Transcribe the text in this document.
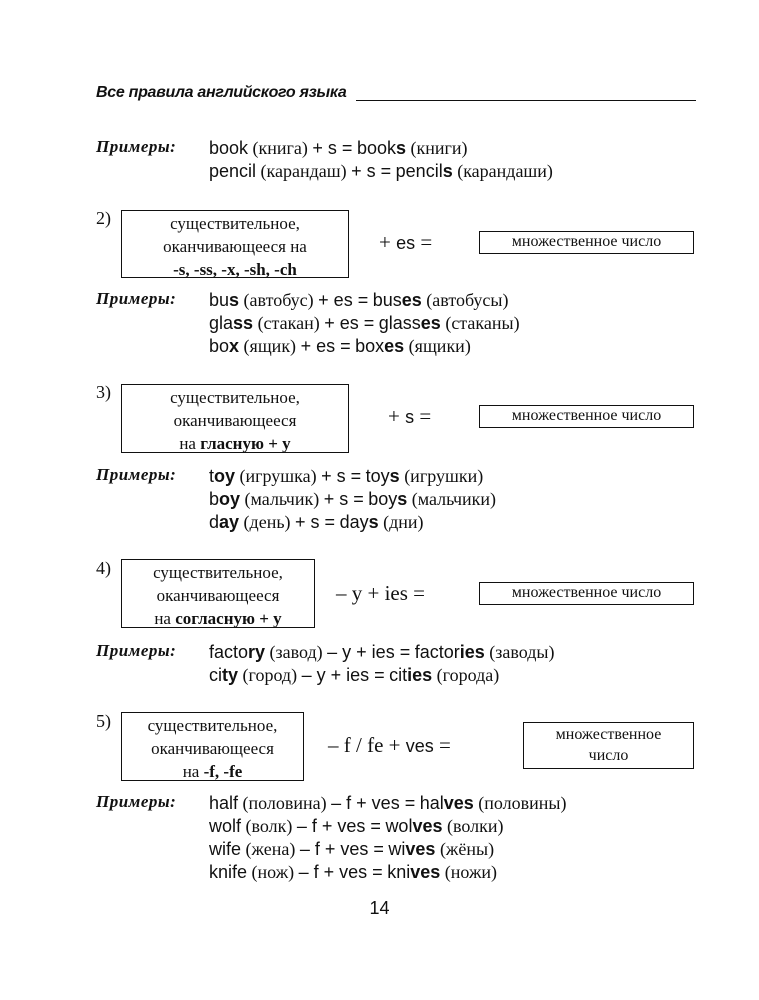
Все правила английского языка
Примеры: book (книга) + s = books (книги)
pencil (карандаш) + s = pencils (карандаши)
2)	существительное,
оканчивающееся на
-s, -ss, -x, -sh, -ch
+ es =	множественное число
Примеры: bus (автобус) + es = buses (автобусы)
glass (стакан) + es = glasses (стаканы)
box (ящик) + es = boxes (ящики)
3)	существительное,
оканчивающееся
на гласную + y
+ s =	множественное число
Примеры: toy (игрушка) + s = toys (игрушки)
boy (мальчик) + s = boys (мальчики)
day (день) + s = days (дни)
4)	существительное,
оканчивающееся
на согласную + y
– y + ies =	множественное число
Примеры: factory (завод) – y + ies = factories (заводы)
city (город) – y + ies = cities (города)
5)	существительное,
оканчивающееся
на -f, -fe
– f / fe + ves =	множественное
число
Примеры: half (половина) – f + ves = halves (половины)
wolf (волк) – f + ves = wolves (волки)
wife (жена) – f + ves = wives (жёны)
knife (нож) – f + ves = knives (ножи)
14
